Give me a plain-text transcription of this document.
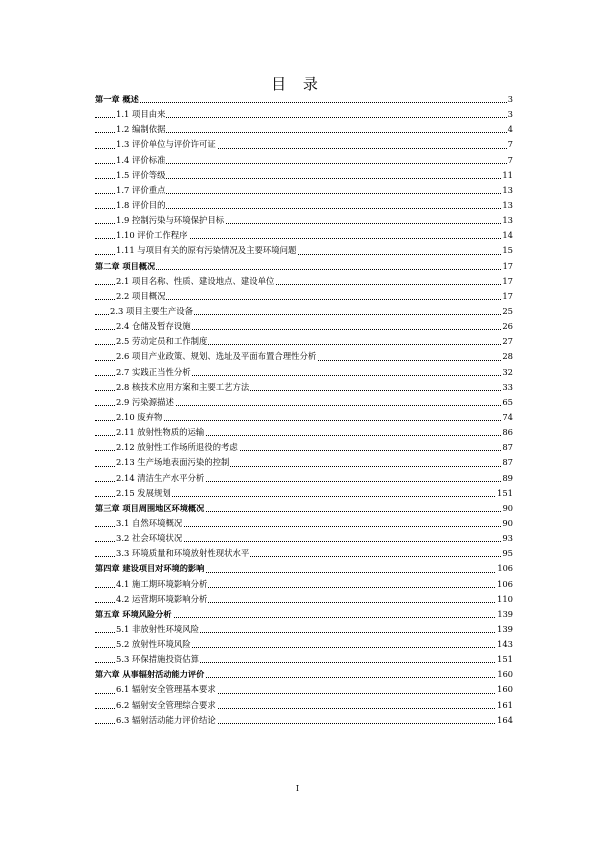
目 录
第一章 概述	3
1.1 项目由来	3
1.2 编制依据	4
1.3 评价单位与评价许可证	7
1.4 评价标准	7
1.5 评价等级	11
1.7 评价重点	13
1.8 评价目的	13
1.9 控制污染与环境保护目标	13
1.10 评价工作程序	14
1.11 与项目有关的原有污染情况及主要环境问题	15
第二章 项目概况	17
2.1 项目名称、性质、建设地点、建设单位	17
2.2 项目概况	17
2.3 项目主要生产设备	25
2.4 仓储及暂存设施	26
2.5 劳动定员和工作制度	27
2.6 项目产业政策、规划、选址及平面布置合理性分析	28
2.7 实践正当性分析	32
2.8 核技术应用方案和主要工艺方法	33
2.9 污染源描述	65
2.10 废弃物	74
2.11 放射性物质的运输	86
2.12 放射性工作场所退役的考虑	87
2.13 生产场地表面污染的控制	87
2.14 清洁生产水平分析	89
2.15 发展规划	151
第三章 项目周围地区环境概况	90
3.1 自然环境概况	90
3.2 社会环境状况	93
3.3 环境质量和环境放射性现状水平	95
第四章 建设项目对环境的影响	106
4.1 施工期环境影响分析	106
4.2 运营期环境影响分析	110
第五章 环境风险分析	139
5.1 非放射性环境风险	139
5.2 放射性环境风险	143
5.3 环保措施投资估算	151
第六章 从事辐射活动能力评价	160
6.1 辐射安全管理基本要求	160
6.2 辐射安全管理综合要求	161
6.3 辐射活动能力评价结论	164
I
